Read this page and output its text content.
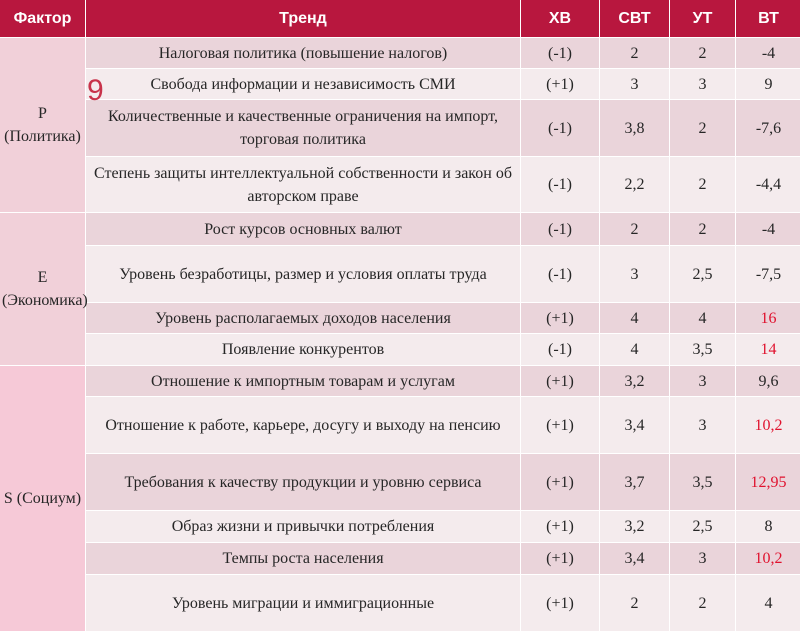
Фактор	Тренд	ХВ	СВТ	УТ	ВТ
P (Политика)	Налоговая политика (повышение налогов)	(-1)	2	2	-4
	Свобода информации и независимость СМИ	(+1)	3	3	9
	Количественные и качественные ограничения на импорт, торговая политика	(-1)	3,8	2	-7,6
	Степень защиты интеллектуальной собственности и закон об авторском праве	(-1)	2,2	2	-4,4
E (Экономика)	Рост курсов основных валют	(-1)	2	2	-4
	Уровень безработицы, размер и условия оплаты труда	(-1)	3	2,5	-7,5
	Уровень располагаемых доходов населения	(+1)	4	4	16
	Появление конкурентов	(-1)	4	3,5	14
S (Социум)	Отношение к импортным товарам и услугам	(+1)	3,2	3	9,6
	Отношение к работе, карьере, досугу и выходу на пенсию	(+1)	3,4	3	10,2
	Требования к качеству продукции и уровню сервиса	(+1)	3,7	3,5	12,95
	Образ жизни и привычки потребления	(+1)	3,2	2,5	8
	Темпы роста населения	(+1)	3,4	3	10,2
	Уровень миграции и иммиграционные	(+1)	2	2	4
9
